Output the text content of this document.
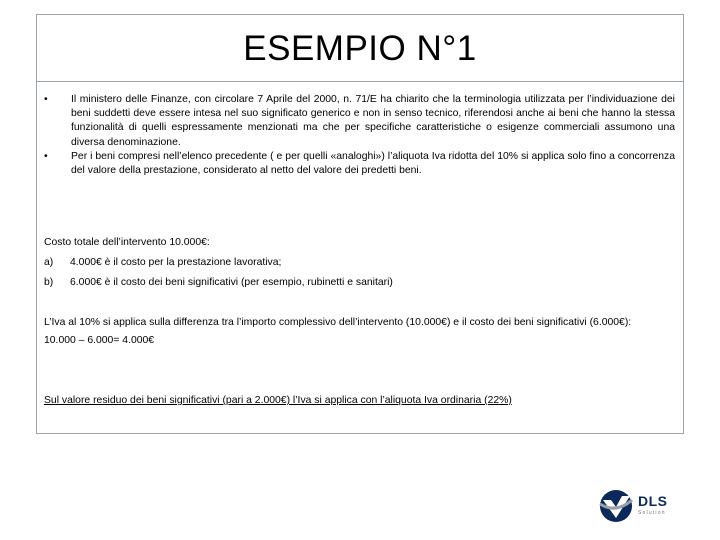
ESEMPIO N°1
• Il ministero delle Finanze, con circolare 7 Aprile del 2000, n. 71/E ha chiarito che la terminologia utilizzata per l’individuazione dei beni suddetti deve essere intesa nel suo significato generico e non in senso tecnico, riferendosi anche ai beni che hanno la stessa funzionalità di quelli espressamente menzionati ma che per specifiche caratteristiche o esigenze commerciali assumono una diversa denominazione.
• Per i beni compresi nell’elenco precedente ( e per quelli «analoghi») l’aliquota Iva ridotta del 10% si applica solo fino a concorrenza del valore della prestazione, considerato al netto del valore dei predetti beni.
Costo totale dell’intervento 10.000€:
a) 4.000€ è il costo per la prestazione lavorativa;
b) 6.000€ è il costo dei beni significativi (per esempio, rubinetti e sanitari)
L’Iva al 10% si applica sulla differenza tra l’importo complessivo dell’intervento (10.000€) e il costo dei beni significativi (6.000€):
10.000 – 6.000= 4.000€
Sul valore residuo dei beni significativi (pari a 2.000€) l’Iva si applica con l’aliquota Iva ordinaria (22%)
DLS
Solution
